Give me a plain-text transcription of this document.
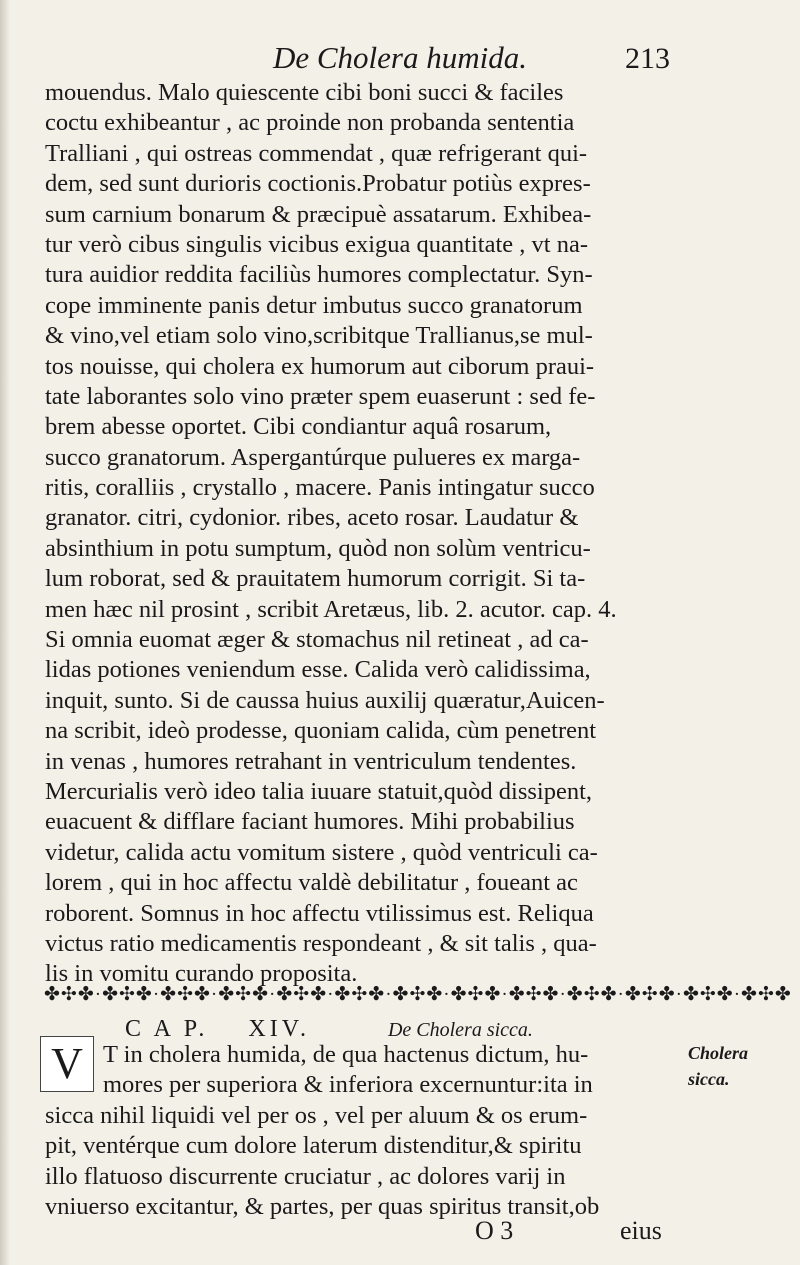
De Cholera humida.	213
mouendus. Malo quiescente cibi boni succi & faciles
coctu exhibeantur , ac proinde non probanda sententia
Tralliani , qui ostreas commendat , quæ refrigerant qui-
dem, sed sunt durioris coctionis.Probatur potiùs expres-
sum carnium bonarum & præcipuè assatarum. Exhibea-
tur verò cibus singulis vicibus exigua quantitate , vt na-
tura auidior reddita faciliùs humores complectatur. Syn-
cope imminente panis detur imbutus succo granatorum
& vino,vel etiam solo vino,scribitque Trallianus,se mul-
tos nouisse, qui cholera ex humorum aut ciborum praui-
tate laborantes solo vino præter spem euaserunt : sed fe-
brem abesse oportet. Cibi condiantur aquâ rosarum,
succo granatorum. Aspergantúrque pulueres ex marga-
ritis, coralliis , crystallo , macere. Panis intingatur succo
granator. citri, cydonior. ribes, aceto rosar. Laudatur &
absinthium in potu sumptum, quòd non solùm ventricu-
lum roborat, sed & prauitatem humorum corrigit. Si ta-
men hæc nil prosint , scribit Aretæus, lib. 2. acutor. cap. 4.
Si omnia euomat æger & stomachus nil retineat , ad ca-
lidas potiones veniendum esse. Calida verò calidissima,
inquit, sunto. Si de caussa huius auxilij quæratur,Auicen-
na scribit, ideò prodesse, quoniam calida, cùm penetrent
in venas , humores retrahant in ventriculum tendentes.
Mercurialis verò ideo talia iuuare statuit,quòd dissipent,
euacuent & difflare faciant humores. Mihi probabilius
videtur, calida actu vomitum sistere , quòd ventriculi ca-
lorem , qui in hoc affectu valdè debilitatur , foueant ac
roborent. Somnus in hoc affectu vtilissimus est. Reliqua
victus ratio medicamentis respondeant , & sit talis , qua-
lis in vomitu curando proposita.
✤✣✤·✤✣✤·✤✣✤·✤✣✤·✤✣✤·✤✣✤·✤✣✤·✤✣✤·✤✣✤·✤✣✤·✤✣✤·✤✣✤·✤✣✤
C A P. XIV.	De Cholera sicca.
V T in cholera humida, de qua hactenus dictum, hu-
mores per superiora & inferiora excernuntur:ita in
sicca nihil liquidi vel per os , vel per aluum & os erum-
pit, ventérque cum dolore laterum distenditur,& spiritu
illo flatuoso discurrente cruciatur , ac dolores varij in
vniuerso excitantur, & partes, per quas spiritus transit,ob
Cholera
sicca.
O 3	eius
